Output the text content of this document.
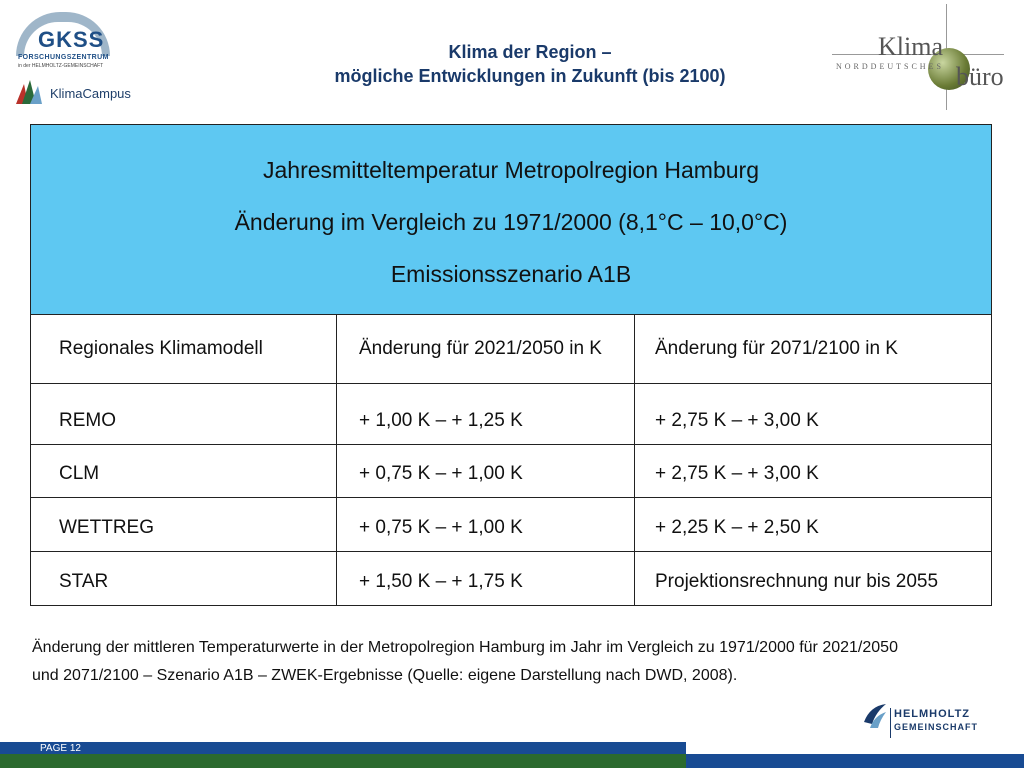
GKSS
FORSCHUNGSZENTRUM
in der HELMHOLTZ-GEMEINSCHAFT
KlimaCampus
Klima der Region –
mögliche Entwicklungen in Zukunft (bis 2100)
Klima
NORDDEUTSCHES büro
Jahresmitteltemperatur Metropolregion Hamburg
Änderung im Vergleich zu 1971/2000 (8,1°C – 10,0°C)
Emissionsszenario A1B
Regionales Klimamodell	Änderung für 2021/2050 in K	Änderung für 2071/2100 in K
REMO	+ 1,00 K – + 1,25 K	+ 2,75 K – + 3,00 K
CLM	+ 0,75 K – + 1,00 K	+ 2,75 K – + 3,00 K
WETTREG	+ 0,75 K – + 1,00 K	+ 2,25 K – + 2,50 K
STAR	+ 1,50 K – + 1,75 K	Projektionsrechnung nur bis 2055
Änderung der mittleren Temperaturwerte in der Metropolregion Hamburg im Jahr im Vergleich zu 1971/2000 für 2021/2050
und 2071/2100 – Szenario A1B – ZWEK-Ergebnisse (Quelle: eigene Darstellung nach DWD, 2008).
HELMHOLTZ
GEMEINSCHAFT
PAGE 12
